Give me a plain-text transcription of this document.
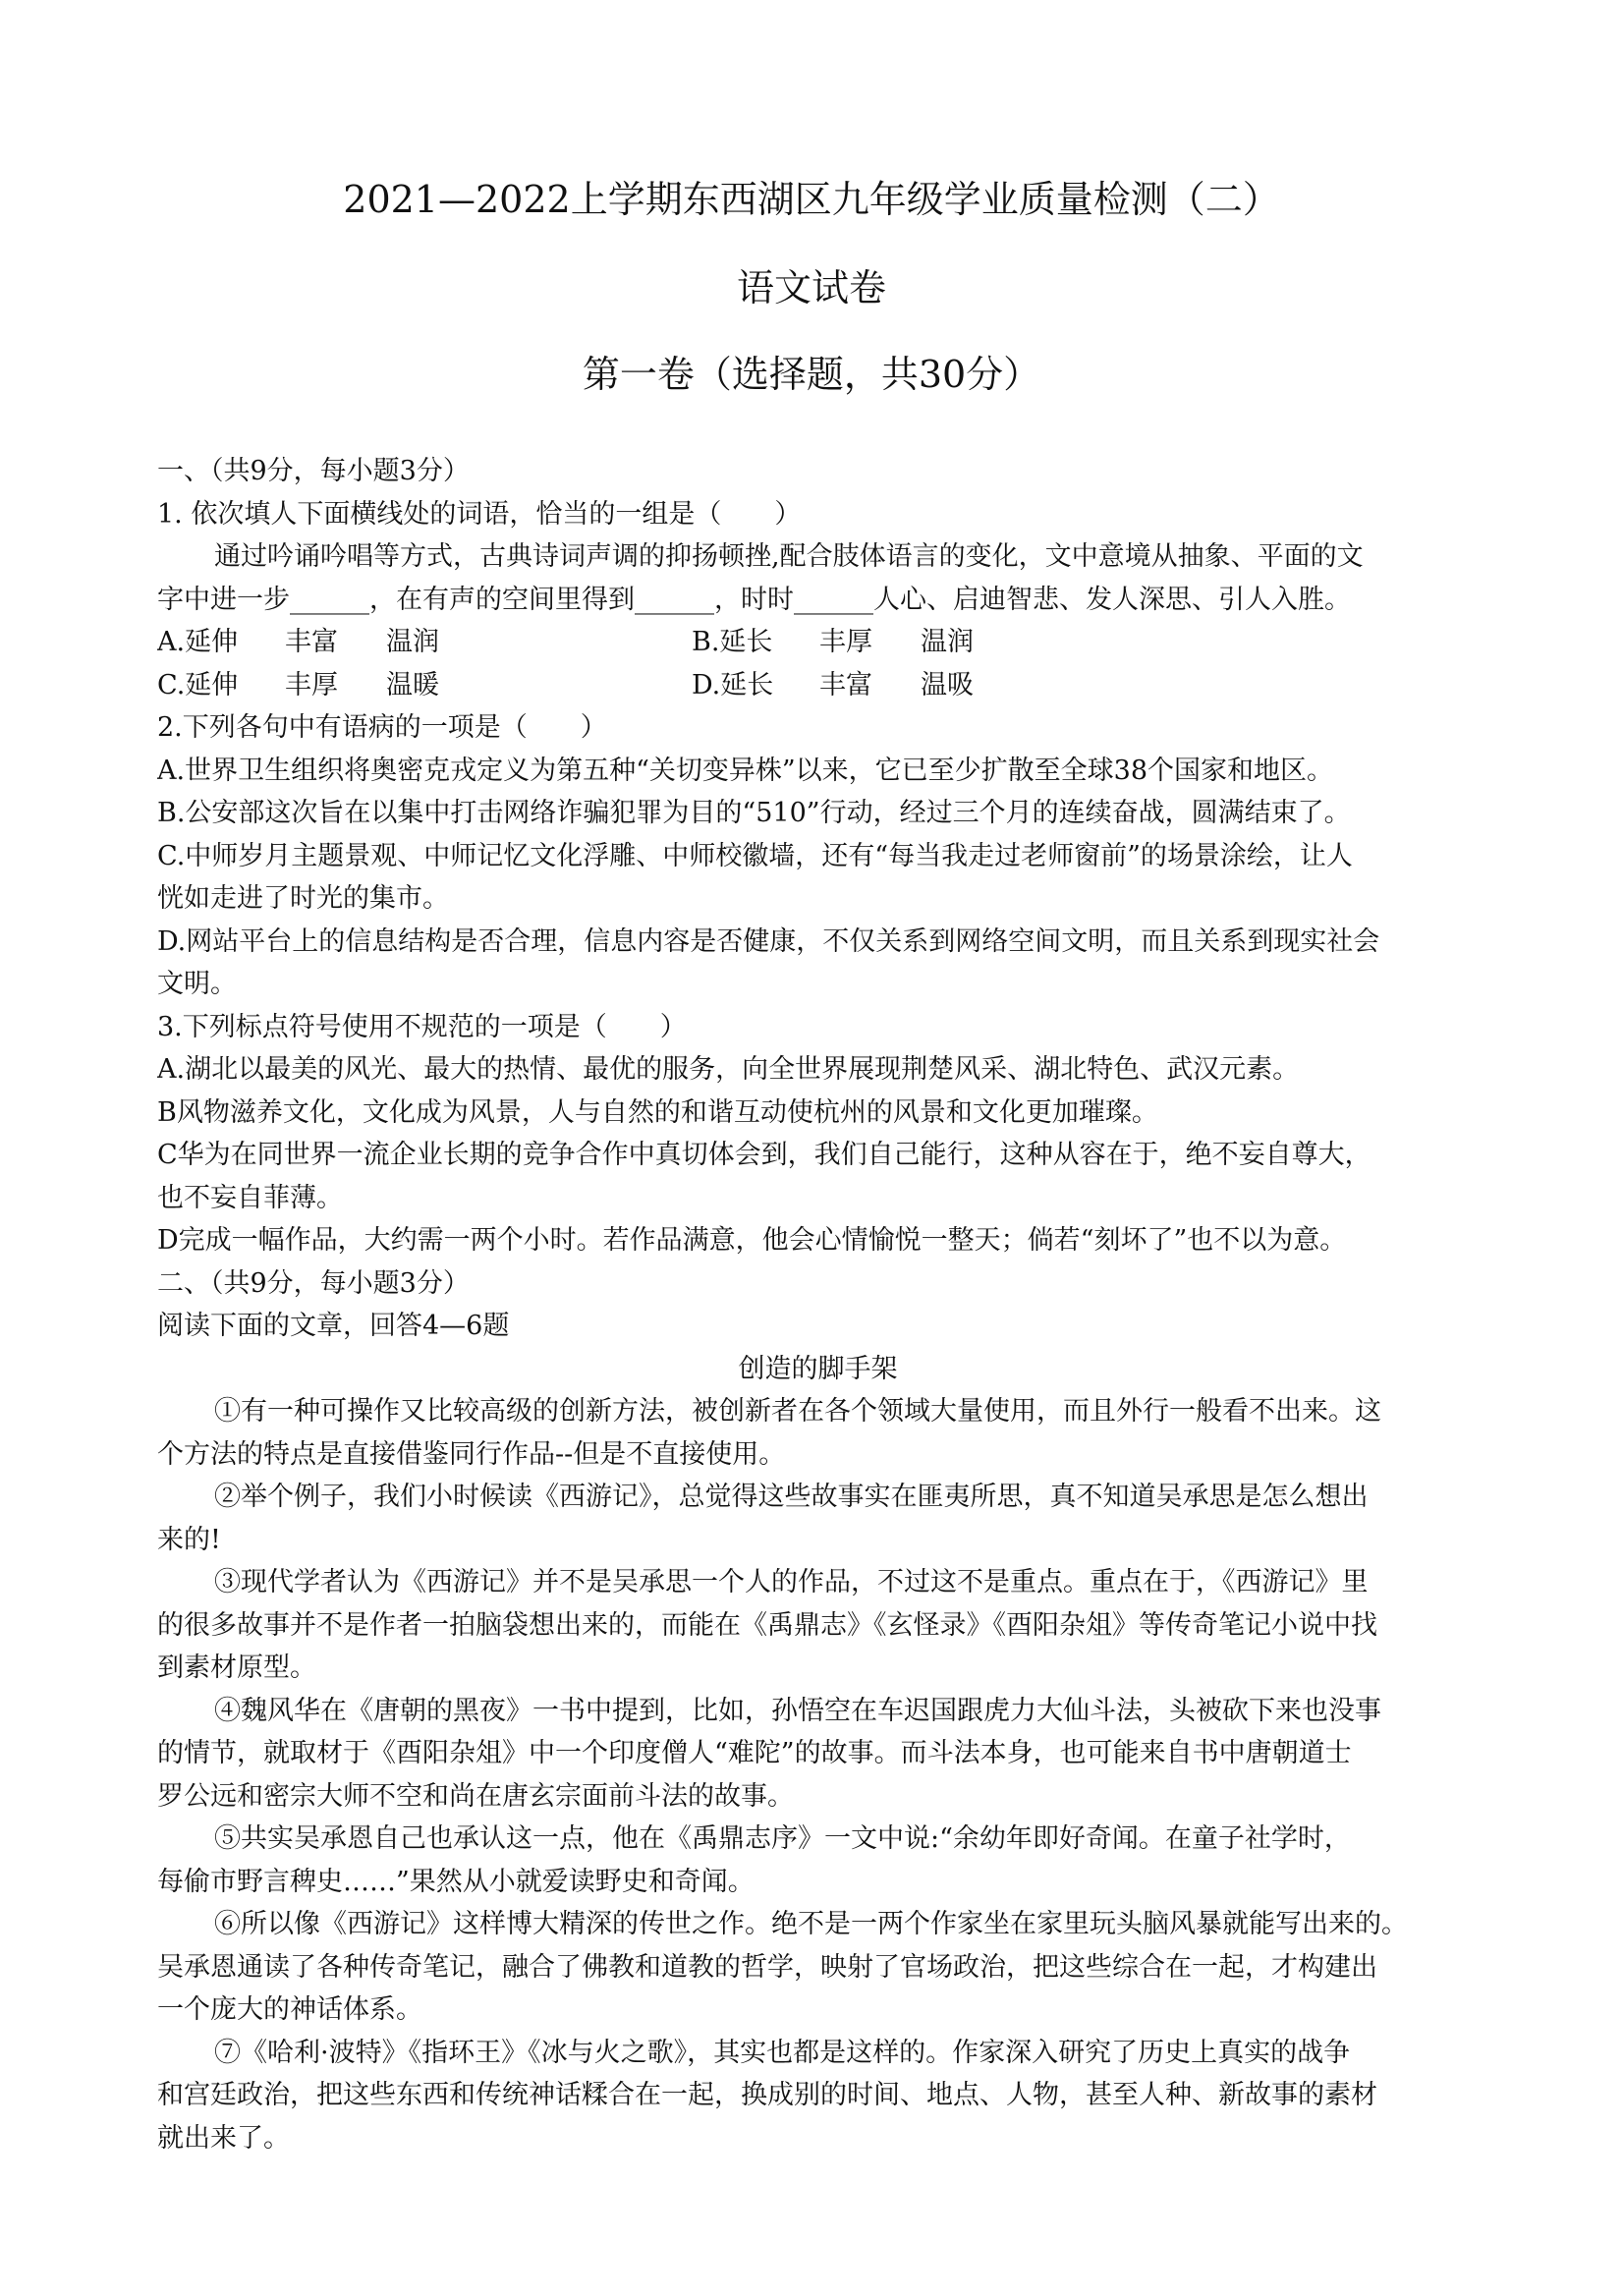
2021—2022上学期东西湖区九年级学业质量检测（二）
语文试卷
第一卷（选择题，共30分）
一、（共9分，每小题3分）
1. 依次填人下面横线处的词语，恰当的一组是（　　）
通过吟诵吟唱等方式，古典诗词声调的抑扬顿挫,配合肢体语言的变化，文中意境从抽象、平面的文
字中进一步______，在有声的空间里得到______，时时______人心、启迪智悲、发人深思、引人入胜。
A.延伸	丰富	温润	B.延长	丰厚	温润
C.延伸	丰厚	温暖	D.延长	丰富	温吸
2.下列各句中有语病的一项是（　　）
A.世界卫生组织将奥密克戎定义为第五种“关切变异株”以来，它已至少扩散至全球38个国家和地区。
B.公安部这次旨在以集中打击网络诈骗犯罪为目的“510”行动，经过三个月的连续奋战，圆满结束了。
C.中师岁月主题景观、中师记忆文化浮雕、中师校徽墙，还有“每当我走过老师窗前”的场景涂绘，让人
恍如走进了时光的集市。
D.网站平台上的信息结构是否合理，信息内容是否健康，不仅关系到网络空间文明，而且关系到现实社会
文明。
3.下列标点符号使用不规范的一项是（　　）
A.湖北以最美的风光、最大的热情、最优的服务，向全世界展现荆楚风采、湖北特色、武汉元素。
B风物滋养文化，文化成为风景，人与自然的和谐互动使杭州的风景和文化更加璀璨。
C华为在同世界一流企业长期的竞争合作中真切体会到，我们自己能行，这种从容在于，绝不妄自尊大，
也不妄自菲薄。
D完成一幅作品，大约需一两个小时。若作品满意，他会心情愉悦一整天；倘若“刻坏了”也不以为意。
二、（共9分，每小题3分）
阅读下面的文章，回答4—6题
创造的脚手架
①有一种可操作又比较高级的创新方法，被创新者在各个领域大量使用，而且外行一般看不出来。这
个方法的特点是直接借鉴同行作品--但是不直接使用。
②举个例子，我们小时候读《西游记》，总觉得这些故事实在匪夷所思，真不知道吴承思是怎么想出
来的!
③现代学者认为《西游记》并不是吴承思一个人的作品，不过这不是重点。重点在于，《西游记》里
的很多故事并不是作者一拍脑袋想出来的，而能在《禹鼎志》《玄怪录》《酉阳杂俎》等传奇笔记小说中找
到素材原型。
④魏风华在《唐朝的黑夜》一书中提到，比如，孙悟空在车迟国跟虎力大仙斗法，头被砍下来也没事
的情节，就取材于《酉阳杂俎》中一个印度僧人“难陀”的故事。而斗法本身，也可能来自书中唐朝道士
罗公远和密宗大师不空和尚在唐玄宗面前斗法的故事。
⑤共实吴承恩自己也承认这一点，他在《禹鼎志序》一文中说:“余幼年即好奇闻。在童子社学时，
每偷市野言稗史……”果然从小就爱读野史和奇闻。
⑥所以像《西游记》这样博大精深的传世之作。绝不是一两个作家坐在家里玩头脑风暴就能写出来的。
吴承恩通读了各种传奇笔记，融合了佛教和道教的哲学，映射了官场政治，把这些综合在一起，才构建出
一个庞大的神话体系。
⑦《哈利·波特》《指环王》《冰与火之歌》，其实也都是这样的。作家深入研究了历史上真实的战争
和宫廷政治，把这些东西和传统神话糅合在一起，换成别的时间、地点、人物，甚至人种、新故事的素材
就出来了。
